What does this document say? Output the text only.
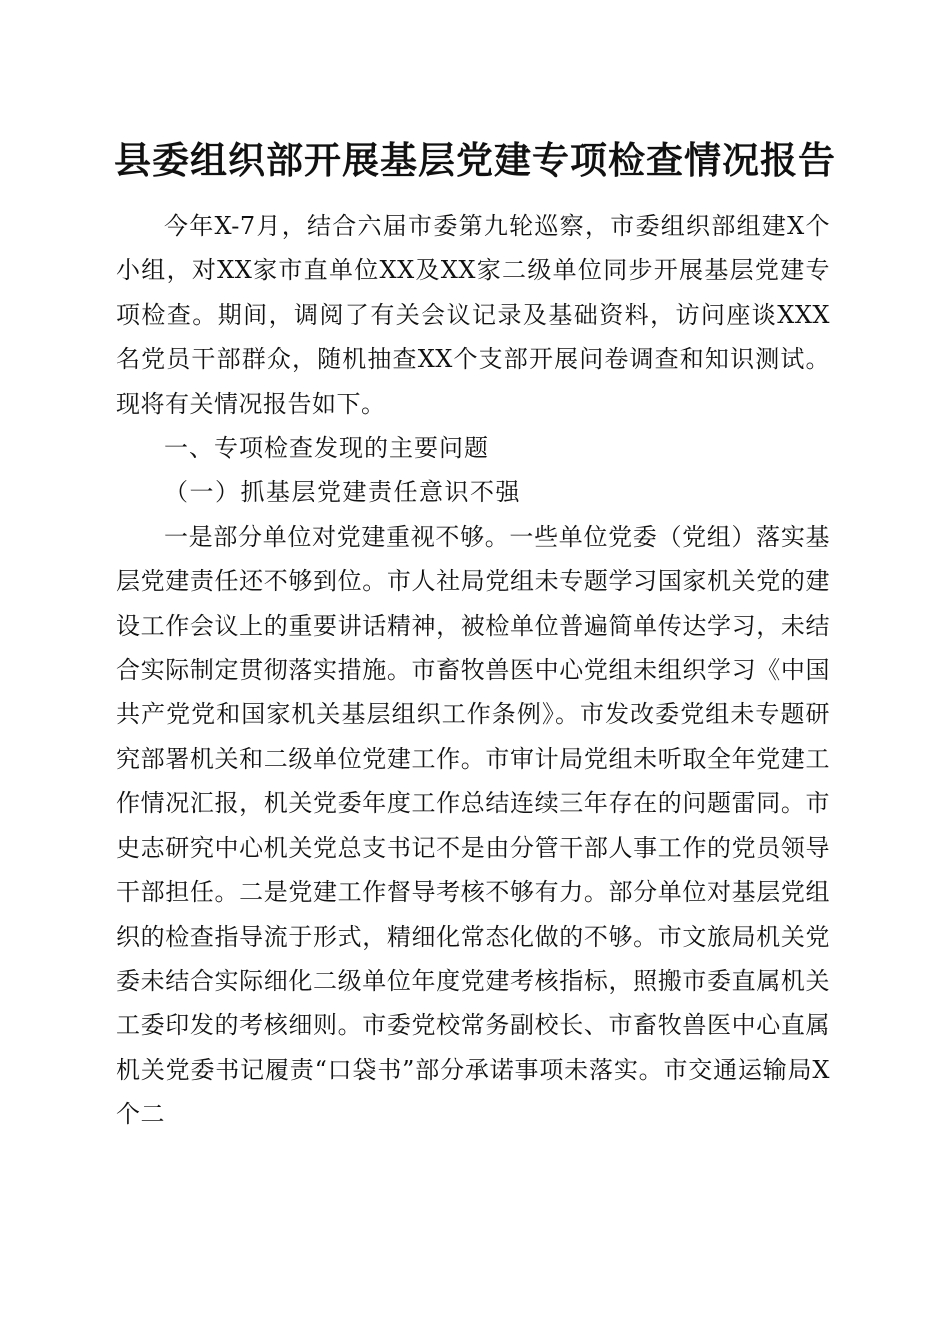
县委组织部开展基层党建专项检查情况报告

今年X-7月，结合六届市委第九轮巡察，市委组织部组建X个小组，对XX家市直单位XX及XX家二级单位同步开展基层党建专项检查。期间，调阅了有关会议记录及基础资料，访问座谈XXX名党员干部群众，随机抽查XX个支部开展问卷调查和知识测试。现将有关情况报告如下。

一、专项检查发现的主要问题

（一）抓基层党建责任意识不强

一是部分单位对党建重视不够。一些单位党委（党组）落实基层党建责任还不够到位。市人社局党组未专题学习国家机关党的建设工作会议上的重要讲话精神，被检单位普遍简单传达学习，未结合实际制定贯彻落实措施。市畜牧兽医中心党组未组织学习《中国共产党党和国家机关基层组织工作条例》。市发改委党组未专题研究部署机关和二级单位党建工作。市审计局党组未听取全年党建工作情况汇报，机关党委年度工作总结连续三年存在的问题雷同。市史志研究中心机关党总支书记不是由分管干部人事工作的党员领导干部担任。二是党建工作督导考核不够有力。部分单位对基层党组织的检查指导流于形式，精细化常态化做的不够。市文旅局机关党委未结合实际细化二级单位年度党建考核指标，照搬市委直属机关工委印发的考核细则。市委党校常务副校长、市畜牧兽医中心直属机关党委书记履责“口袋书”部分承诺事项未落实。市交通运输局X个二
